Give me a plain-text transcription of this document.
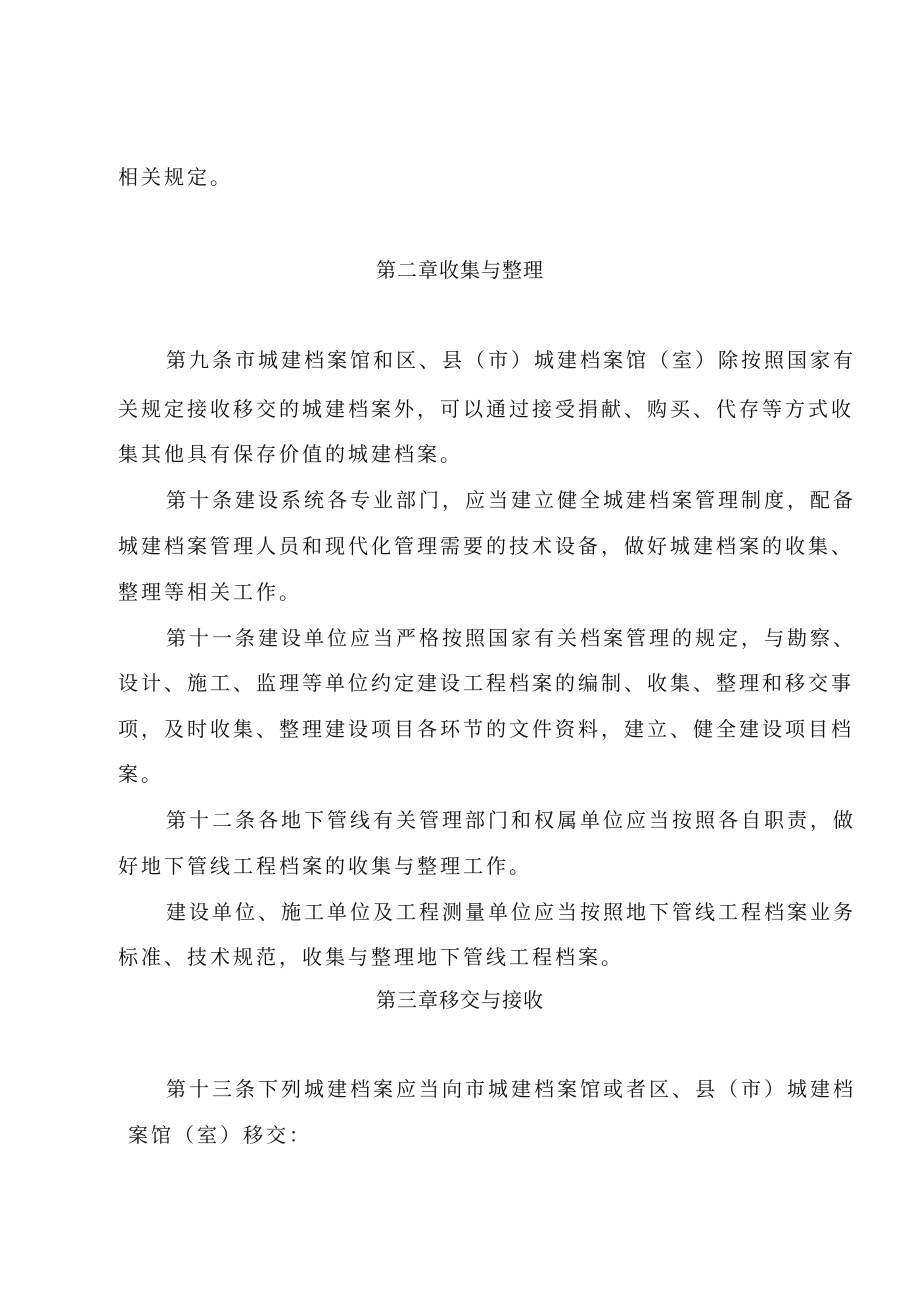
相关规定。
第二章收集与整理
第九条市城建档案馆和区、县（市）城建档案馆（室）除按照国家有
关规定接收移交的城建档案外，可以通过接受捐献、购买、代存等方式收
集其他具有保存价值的城建档案。
第十条建设系统各专业部门，应当建立健全城建档案管理制度，配备
城建档案管理人员和现代化管理需要的技术设备，做好城建档案的收集、
整理等相关工作。
第十一条建设单位应当严格按照国家有关档案管理的规定，与勘察、
设计、施工、监理等单位约定建设工程档案的编制、收集、整理和移交事
项，及时收集、整理建设项目各环节的文件资料，建立、健全建设项目档
案。
第十二条各地下管线有关管理部门和权属单位应当按照各自职责，做
好地下管线工程档案的收集与整理工作。
建设单位、施工单位及工程测量单位应当按照地下管线工程档案业务
标准、技术规范，收集与整理地下管线工程档案。
第三章移交与接收
第十三条下列城建档案应当向市城建档案馆或者区、县（市）城建档
案馆（室）移交：
